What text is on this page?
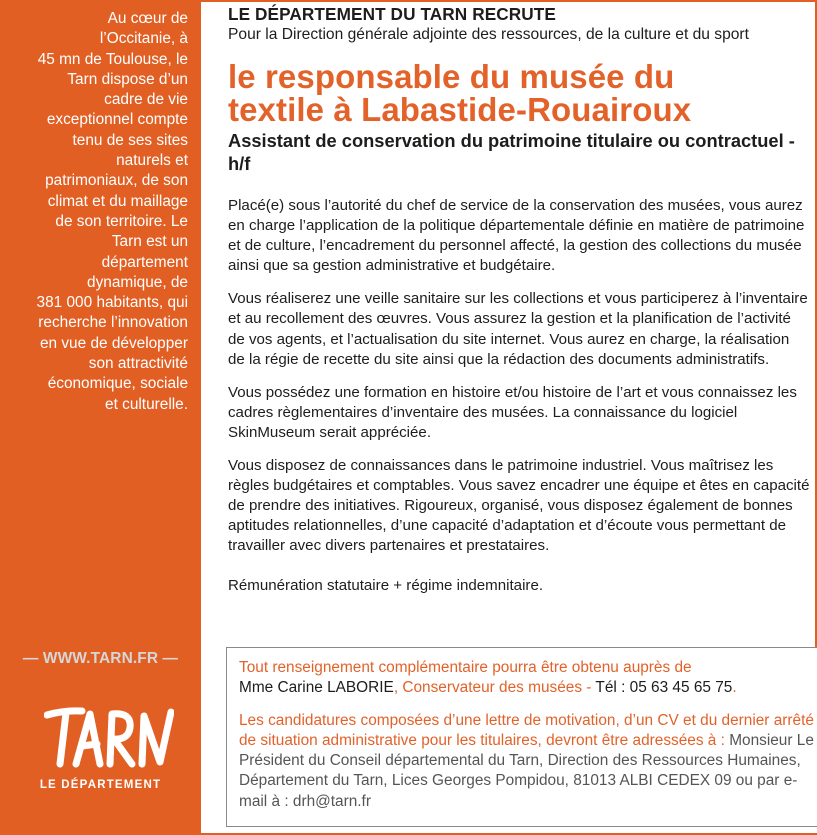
Au cœur de
l’Occitanie, à
45 mn de Toulouse, le
Tarn dispose d’un
cadre de vie
exceptionnel compte
tenu de ses sites
naturels et
patrimoniaux, de son
climat et du maillage
de son territoire. Le
Tarn est un
département
dynamique, de
381 000 habitants, qui
recherche l’innovation
en vue de développer
son attractivité
économique, sociale
et culturelle.
— WWW.TARN.FR —
LE DÉPARTEMENT
LE DÉPARTEMENT DU TARN RECRUTE
Pour la Direction générale adjointe des ressources, de la culture et du sport
le responsable du musée du
textile à Labastide-Rouairoux
Assistant de conservation du patrimoine titulaire ou contractuel - h/f

Placé(e) sous l’autorité du chef de service de la conservation des musées, vous aurez en charge l’application de la politique départementale définie en matière de patrimoine et de culture, l’encadrement du personnel affecté, la gestion des collections du musée ainsi que sa gestion administrative et budgétaire.

Vous réaliserez une veille sanitaire sur les collections et vous participerez à l’inventaire et au recollement des œuvres. Vous assurez la gestion et la planification de l’activité de vos agents, et l’actualisation du site internet. Vous aurez en charge, la réalisation de la régie de recette du site ainsi que la rédaction des documents administratifs.

Vous possédez une formation en histoire et/ou histoire de l’art et vous connaissez les cadres règlementaires d’inventaire des musées. La connaissance du logiciel SkinMuseum serait appréciée.

Vous disposez de connaissances dans le patrimoine industriel. Vous maîtrisez les règles budgétaires et comptables. Vous savez encadrer une équipe et êtes en capacité de prendre des initiatives. Rigoureux, organisé, vous disposez également de bonnes aptitudes relationnelles, d’une capacité d’adaptation et d’écoute vous permettant de travailler avec divers partenaires et prestataires.

Rémunération statutaire + régime indemnitaire.

Tout renseignement complémentaire pourra être obtenu auprès de
Mme Carine LABORIE, Conservateur des musées - Tél : 05 63 45 65 75.
Les candidatures composées d’une lettre de motivation, d’un CV et du dernier arrêté de situation administrative pour les titulaires, devront être adressées à : Monsieur Le Président du Conseil départemental du Tarn, Direction des Ressources Humaines, Département du Tarn, Lices Georges Pompidou, 81013 ALBI CEDEX 09 ou par e-mail à : drh@tarn.fr
